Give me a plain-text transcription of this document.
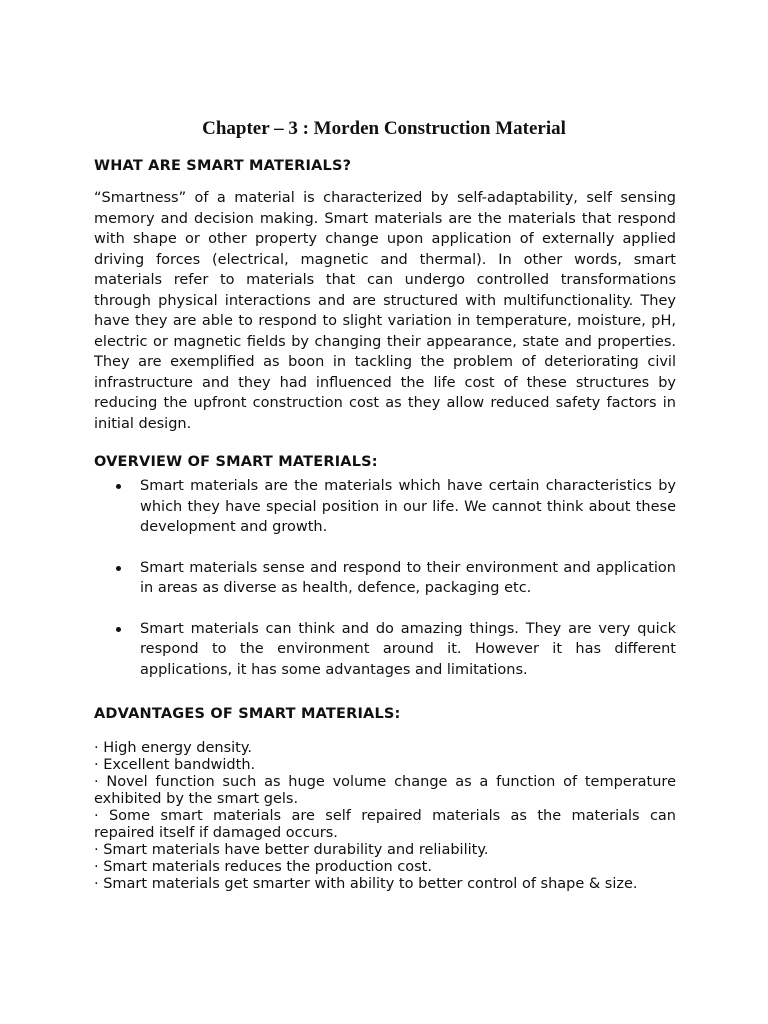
Chapter – 3 : Morden Construction Material
WHAT ARE SMART MATERIALS?

“Smartness” of a material is characterized by self-adaptability, self sensing memory and decision making. Smart materials are the materials that respond with shape or other property change upon application of externally applied driving forces (electrical, magnetic and thermal). In other words, smart materials refer to materials that can undergo controlled transformations through physical interactions and are structured with multifunctionality. They have they are able to respond to slight variation in temperature, moisture, pH, electric or magnetic fields by changing their appearance, state and properties. They are exemplified as boon in tackling the problem of deteriorating civil infrastructure and they had influenced the life cost of these structures by reducing the upfront construction cost as they allow reduced safety factors in initial design.

OVERVIEW OF SMART MATERIALS:
Smart materials are the materials which have certain characteristics by which they have special position in our life. We cannot think about these development and growth.
Smart materials sense and respond to their environment and application in areas as diverse as health, defence, packaging etc.
Smart materials can think and do amazing things. They are very quick respond to the environment around it. However it has different applications, it has some advantages and limitations.
ADVANTAGES OF SMART MATERIALS:
· High energy density.
· Excellent bandwidth.
· Novel function such as huge volume change as a function of temperature exhibited by the smart gels.
· Some smart materials are self repaired materials as the materials can repaired itself if damaged occurs.
· Smart materials have better durability and reliability.
· Smart materials reduces the production cost.
· Smart materials get smarter with ability to better control of shape & size.
